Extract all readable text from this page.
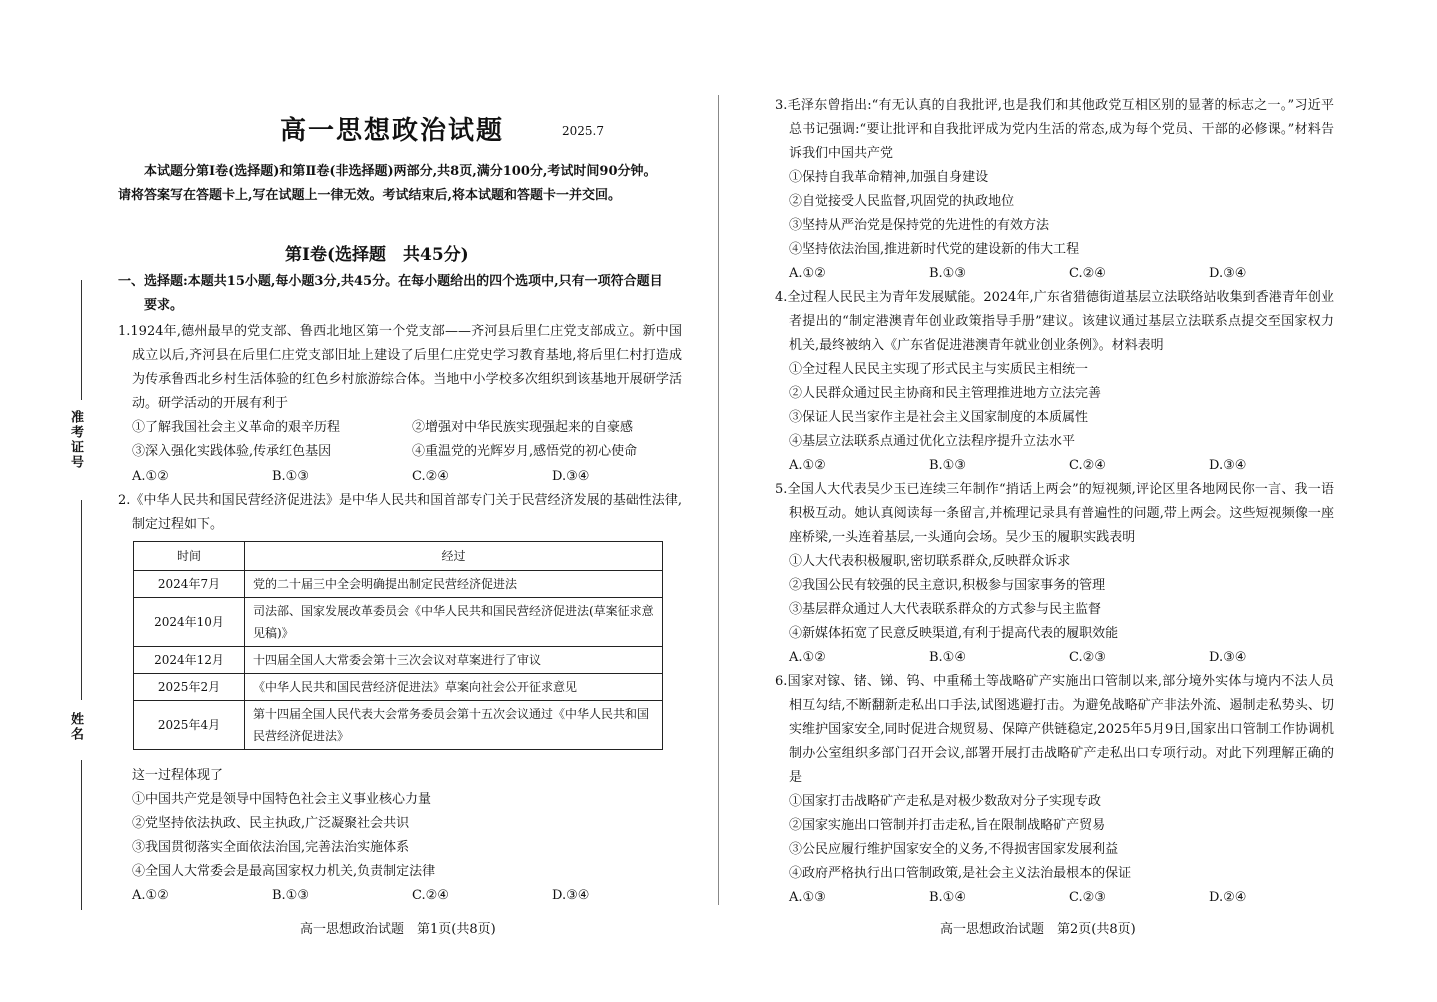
准考证号
姓名
高一思想政治试题	2025.7
本试题分第Ⅰ卷(选择题)和第Ⅱ卷(非选择题)两部分,共8页,满分100分,考试时间90分钟。请将答案写在答题卡上,写在试题上一律无效。考试结束后,将本试题和答题卡一并交回。
第Ⅰ卷(选择题　共45分)
一、选择题:本题共15小题,每小题3分,共45分。在每小题给出的四个选项中,只有一项符合题目要求。
1.1924年,德州最早的党支部、鲁西北地区第一个党支部——齐河县后里仁庄党支部成立。新中国成立以后,齐河县在后里仁庄党支部旧址上建设了后里仁庄党史学习教育基地,将后里仁村打造成为传承鲁西北乡村生活体验的红色乡村旅游综合体。当地中小学校多次组织到该基地开展研学活动。研学活动的开展有利于
①了解我国社会主义革命的艰辛历程	②增强对中华民族实现强起来的自豪感
③深入强化实践体验,传承红色基因	④重温党的光辉岁月,感悟党的初心使命
A.①②	B.①③	C.②④	D.③④
2.《中华人民共和国民营经济促进法》是中华人民共和国首部专门关于民营经济发展的基础性法律,制定过程如下。
时间	经过
2024年7月	党的二十届三中全会明确提出制定民营经济促进法
2024年10月	司法部、国家发展改革委员会《中华人民共和国民营经济促进法(草案征求意见稿)》
2024年12月	十四届全国人大常委会第十三次会议对草案进行了审议
2025年2月	《中华人民共和国民营经济促进法》草案向社会公开征求意见
2025年4月	第十四届全国人民代表大会常务委员会第十五次会议通过《中华人民共和国民营经济促进法》
这一过程体现了
①中国共产党是领导中国特色社会主义事业核心力量
②党坚持依法执政、民主执政,广泛凝聚社会共识
③我国贯彻落实全面依法治国,完善法治实施体系
④全国人大常委会是最高国家权力机关,负责制定法律
A.①②	B.①③	C.②④	D.③④
高一思想政治试题　第1页(共8页)
3.毛泽东曾指出:“有无认真的自我批评,也是我们和其他政党互相区别的显著的标志之一。”习近平总书记强调:“要让批评和自我批评成为党内生活的常态,成为每个党员、干部的必修课。”材料告诉我们中国共产党
①保持自我革命精神,加强自身建设
②自觉接受人民监督,巩固党的执政地位
③坚持从严治党是保持党的先进性的有效方法
④坚持依法治国,推进新时代党的建设新的伟大工程
A.①②	B.①③	C.②④	D.③④
4.全过程人民民主为青年发展赋能。2024年,广东省猎德街道基层立法联络站收集到香港青年创业者提出的“制定港澳青年创业政策指导手册”建议。该建议通过基层立法联系点提交至国家权力机关,最终被纳入《广东省促进港澳青年就业创业条例》。材料表明
①全过程人民民主实现了形式民主与实质民主相统一
②人民群众通过民主协商和民主管理推进地方立法完善
③保证人民当家作主是社会主义国家制度的本质属性
④基层立法联系点通过优化立法程序提升立法水平
A.①②	B.①③	C.②④	D.③④
5.全国人大代表吴少玉已连续三年制作“捎话上两会”的短视频,评论区里各地网民你一言、我一语积极互动。她认真阅读每一条留言,并梳理记录具有普遍性的问题,带上两会。这些短视频像一座座桥梁,一头连着基层,一头通向会场。吴少玉的履职实践表明
①人大代表积极履职,密切联系群众,反映群众诉求
②我国公民有较强的民主意识,积极参与国家事务的管理
③基层群众通过人大代表联系群众的方式参与民主监督
④新媒体拓宽了民意反映渠道,有利于提高代表的履职效能
A.①②	B.①④	C.②③	D.③④
6.国家对镓、锗、锑、钨、中重稀土等战略矿产实施出口管制以来,部分境外实体与境内不法人员相互勾结,不断翻新走私出口手法,试图逃避打击。为避免战略矿产非法外流、遏制走私势头、切实维护国家安全,同时促进合规贸易、保障产供链稳定,2025年5月9日,国家出口管制工作协调机制办公室组织多部门召开会议,部署开展打击战略矿产走私出口专项行动。对此下列理解正确的是
①国家打击战略矿产走私是对极少数敌对分子实现专政
②国家实施出口管制并打击走私,旨在限制战略矿产贸易
③公民应履行维护国家安全的义务,不得损害国家发展利益
④政府严格执行出口管制政策,是社会主义法治最根本的保证
A.①③	B.①④	C.②③	D.②④
高一思想政治试题　第2页(共8页)
